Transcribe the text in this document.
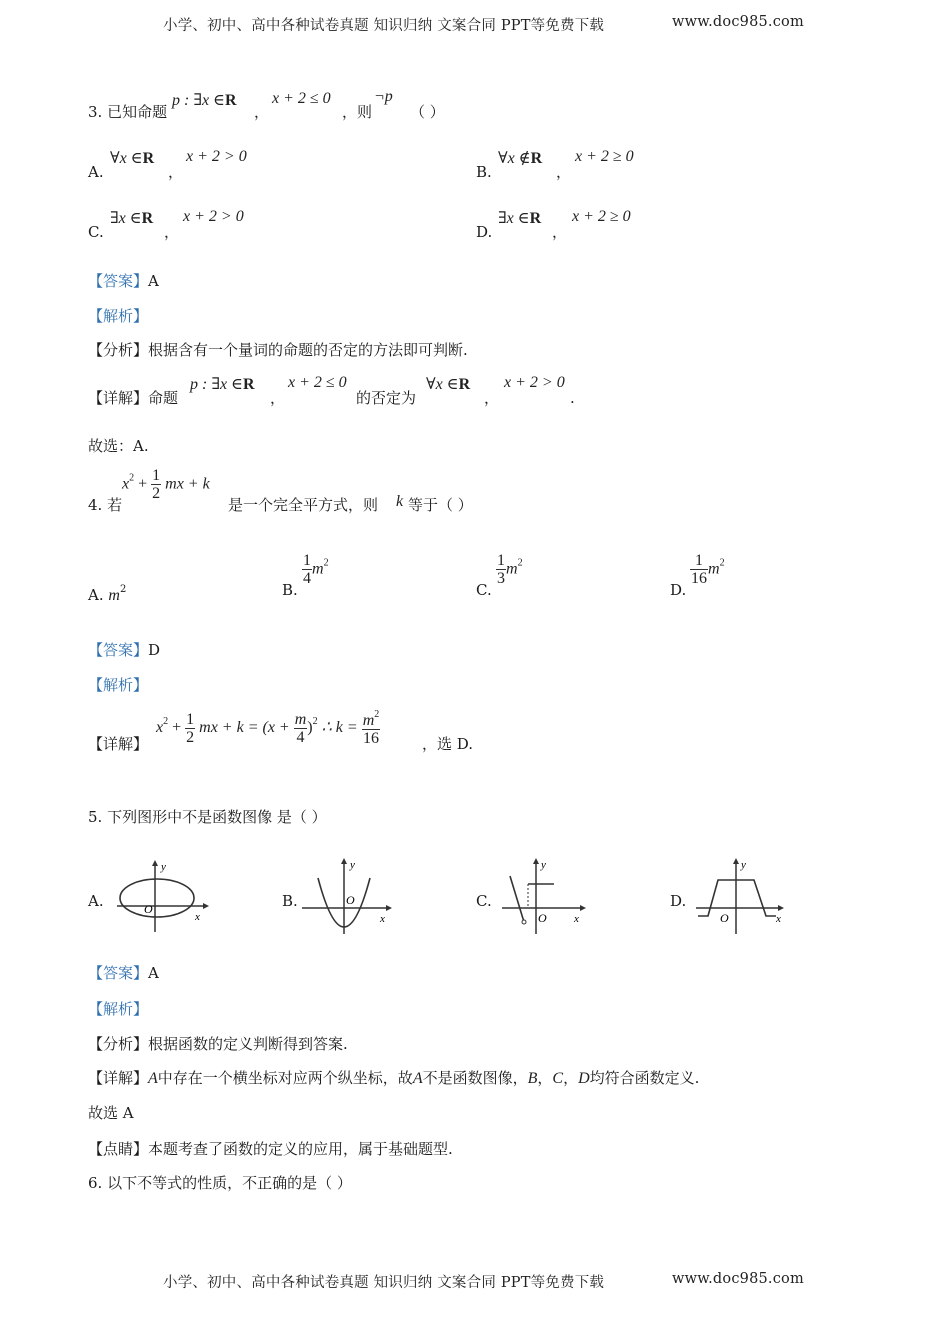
小学、初中、高中各种试卷真题 知识归纳 文案合同 PPT等免费下载	www.doc985.com
3. 已知命题
p : ∃x ∈R
，
x + 2 ≤ 0
，则
¬p
（ ）
A.
∀x ∈R
，
x + 2 > 0
B.
∀x ∉R
，
x + 2 ≥ 0
C.
∃x ∈R
，
x + 2 > 0
D.
∃x ∈R
，
x + 2 ≥ 0
【答案】A
【解析】
【分析】根据含有一个量词的命题的否定的方法即可判断.
【详解】命题
p : ∃x ∈R
，
x + 2 ≤ 0
的否定为
∀x ∈R
，
x + 2 > 0
.
故选：A.
4. 若
$x^2 + \frac{1}{2}$ mx + k
是一个完全平方式，则 k 等于（ ）
A. $m^2$	B.
$\frac{1}{4} m^2$
C.
$\frac{1}{3} m^2$
D.
$\frac{1}{16} m^2$
【答案】D
【解析】
【详解】
$x^2 + \frac{1}{2}$ mx + $k = (x + \frac{m}{4} )^2$ ∴ $k = \frac{m^2}{16}$	，选 D.
5. 下列图形中不是函数图像 是（ ）
A.
y
x
O	B.
y
x
O	C.
y
x
O
D.
y
x
O
【答案】A
【解析】
【分析】根据函数的定义判断得到答案.
【详解】A中存在一个横坐标对应两个纵坐标，故A不是函数图像，B，C，D均符合函数定义.
故选 A
【点睛】本题考查了函数的定义的应用，属于基础题型.
6. 以下不等式的性质，不正确的是（ ）
小学、初中、高中各种试卷真题 知识归纳 文案合同 PPT等免费下载	www.doc985.com
